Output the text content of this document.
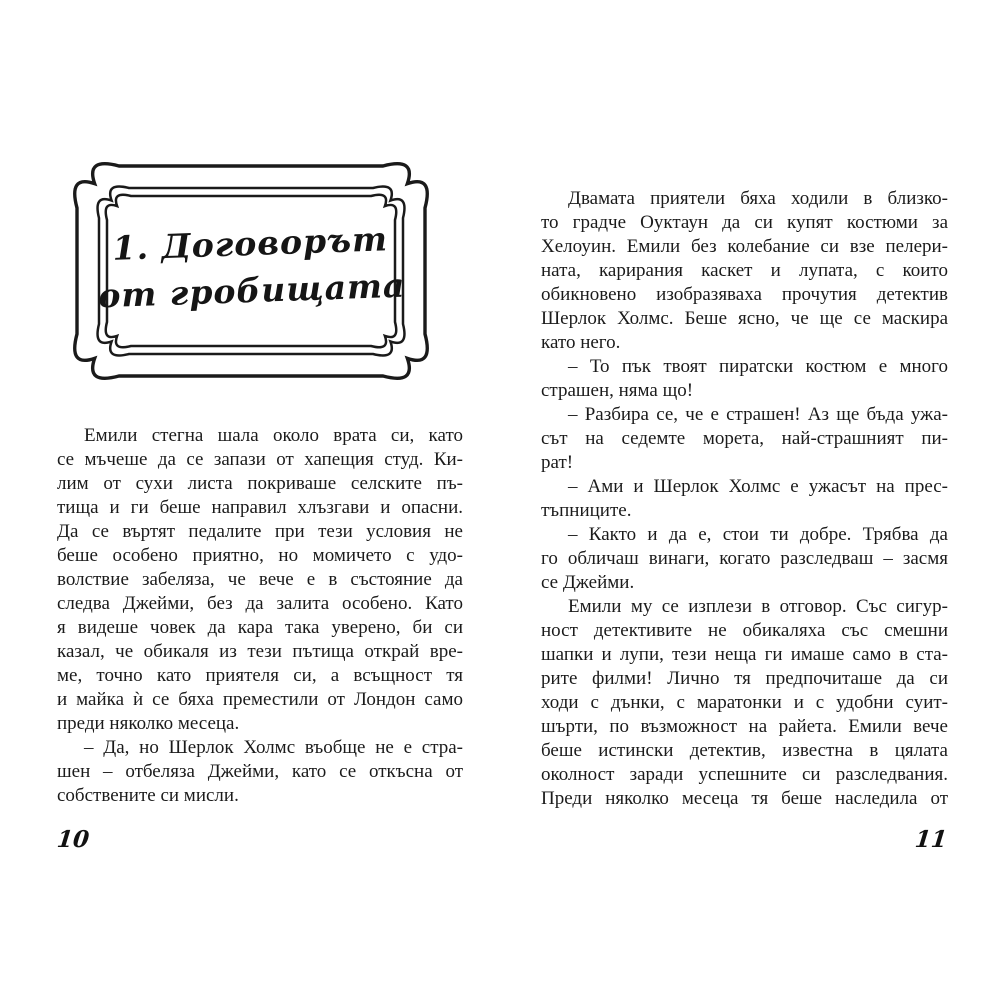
1. Договорът
от гробищата
Емили стегна шала около врата си, като
се мъчеше да се запази от хапещия студ. Ки-
лим от сухи листа покриваше селските пъ-
тища и ги беше направил хлъзгави и опасни.
Да се въртят педалите при тези условия не
беше особено приятно, но момичето с удо-
волствие забеляза, че вече е в състояние да
следва Джейми, без да залита особено. Като
я видеше човек да кара така уверено, би си
казал, че обикаля из тези пътища открай вре-
ме, точно като приятеля си, а всъщност тя
и майка ѝ се бяха преместили от Лондон само
преди няколко месеца.
– Да, но Шерлок Холмс въобще не е стра-
шен – отбеляза Джейми, като се откъсна от
собствените си мисли.
10
Двамата приятели бяха ходили в близко-
то градче Оуктаун да си купят костюми за
Хелоуин. Емили без колебание си взе пелери-
ната, карирания каскет и лупата, с които
обикновено изобразяваха прочутия детектив
Шерлок Холмс. Беше ясно, че ще се маскира
като него.
– То пък твоят пиратски костюм е много
страшен, няма що!
– Разбира се, че е страшен! Аз ще бъда ужа-
сът на седемте морета, най-страшният пи-
рат!
– Ами и Шерлок Холмс е ужасът на прес-
тъпниците.
– Както и да е, стои ти добре. Трябва да
го обличаш винаги, когато разследваш – засмя
се Джейми.
Емили му се изплези в отговор. Със сигур-
ност детективите не обикаляха със смешни
шапки и лупи, тези неща ги имаше само в ста-
рите филми! Лично тя предпочиташе да си
ходи с дънки, с маратонки и с удобни суит-
шърти, по възможност на райета. Емили вече
беше истински детектив, известна в цялата
околност заради успешните си разследвания.
Преди няколко месеца тя беше наследила от
11
